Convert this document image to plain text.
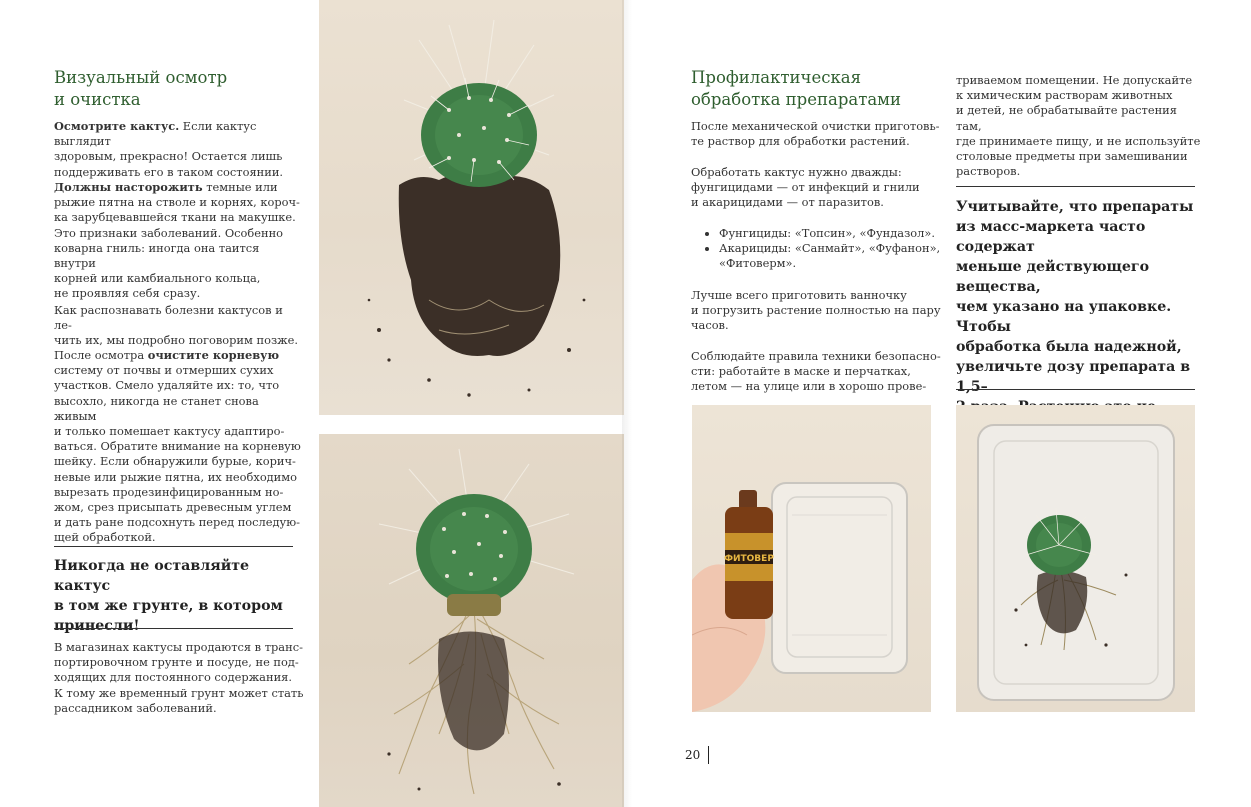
Визуальный осмотр
и очистка

Осмотрите кактус. Если кактус выглядит
здоровым, прекрасно! Остается лишь
поддерживать его в таком состоянии.

Должны насторожить темные или
рыжие пятна на стволе и корнях, короч-
ка зарубцевавшейся ткани на макушке.
Это признаки заболеваний. Особенно
коварна гниль: иногда она таится внутри
корней или камбиального кольца,
не проявляя себя сразу.

Как распознавать болезни кактусов и ле-
чить их, мы подробно поговорим позже.

После осмотра очистите корневую
систему от почвы и отмерших сухих
участков. Смело удаляйте их: то, что
высохло, никогда не станет снова живым
и только помешает кактусу адаптиро-
ваться. Обратите внимание на корневую
шейку. Если обнаружили бурые, корич-
невые или рыжие пятна, их необходимо
вырезать продезинфицированным но-
жом, срез присыпать древесным углем
и дать ране подсохнуть перед последую-
щей обработкой.

Никогда не оставляйте кактус
в том же грунте, в котором
принесли!

В магазинах кактусы продаются в транс-
портировочном грунте и посуде, не под-
ходящих для постоянного содержания.
К тому же временный грунт может стать
рассадником заболеваний.

Профилактическая
обработка препаратами

После механической очистки приготовь-
те раствор для обработки растений.

Обработать кактус нужно дважды:
фунгицидами — от инфекций и гнили
и акарицидами — от паразитов.

• Фунгициды: «Топсин», «Фундазол».
• Акарициды: «Санмайт», «Фуфанон»,
«Фитоверм».

Лучше всего приготовить ванночку
и погрузить растение полностью на пару
часов.

Соблюдайте правила техники безопасно-
сти: работайте в маске и перчатках,
летом — на улице или в хорошо прове-

триваемом помещении. Не допускайте
к химическим растворам животных
и детей, не обрабатывайте растения там,
где принимаете пищу, и не используйте
столовые предметы при замешивании
растворов.

Учитывайте, что препараты
из масс-маркета часто содержат
меньше действующего вещества,
чем указано на упаковке. Чтобы
обработка была надежной,
увеличьте дозу препарата в 1,5–

ФИТОВЕР
20
